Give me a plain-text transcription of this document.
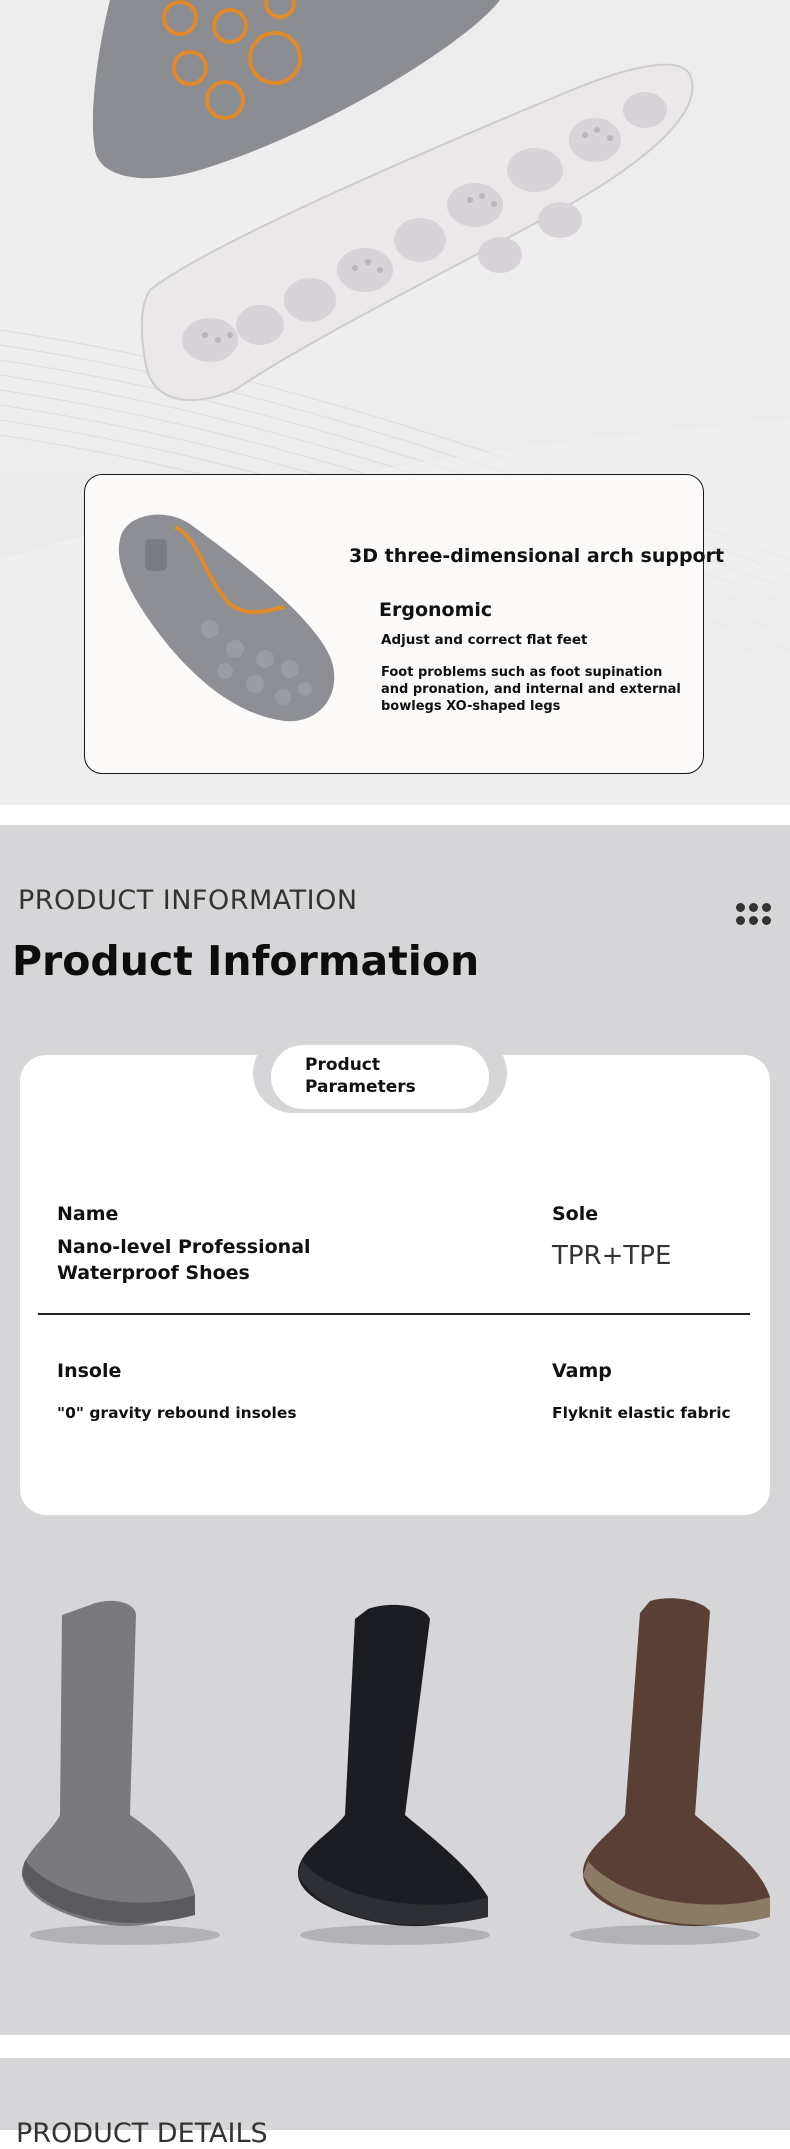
3D three-dimensional arch support
Ergonomic
Adjust and correct flat feet
Foot problems such as foot supination and pronation, and internal and external bowlegs XO-shaped legs
PRODUCT INFORMATION
Product Information
Product Parameters
Name
Nano-level Professional Waterproof Shoes
Sole
TPR+TPE
Insole
"0" gravity rebound insoles
Vamp
Flyknit elastic fabric
PRODUCT DETAILS
